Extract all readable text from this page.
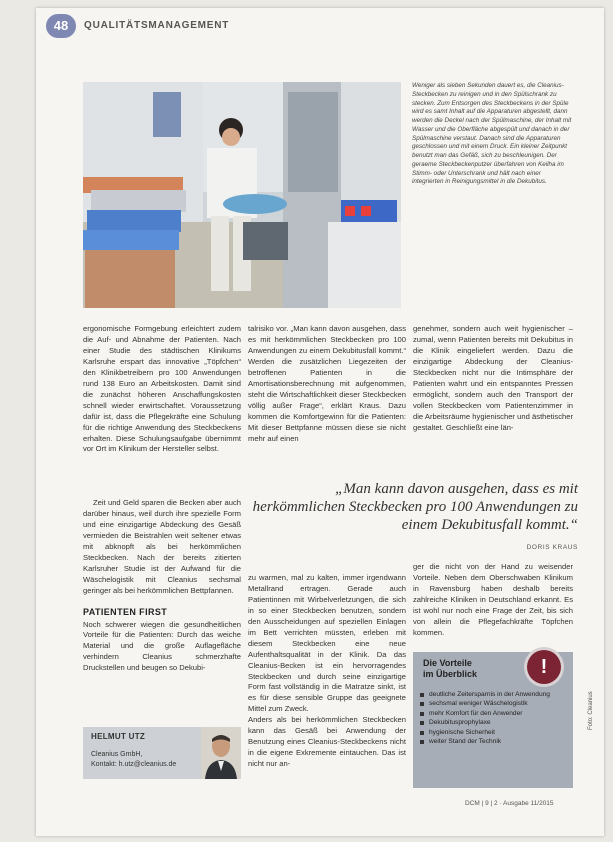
48	QUALITÄTSMANAGEMENT
Weniger als sieben Sekunden dauert es, die Cleanius-Steckbecken zu reinigen und in den Spülschrank zu stecken. Zum Entsorgen des Steckbeckens in der Spüle wird es samt Inhalt auf die Apparaturen abgestellt, dann werden die Deckel nach der Spülmaschine, der Inhalt mit Wasser und die Oberfläche abgespült und danach in der Spülmaschine verstaut. Danach sind die Apparaturen geschlossen und mit einem Druck. Ein kleiner Zeitpunkt benutzt man das Gefäß, sich zu beschleunigen. Der geraeme Steckbeckenputzer überfahren von Keilha im Stimm- oder Unterschrank und hält nach einer integrierten in Reinigungsmittel in die Dekubitus.

ergonomische Formgebung erleichtert zudem die Auf- und Abnahme der Patienten. Nach einer Studie des städtischen Klinikums Karlsruhe erspart das innovative „Töpfchen“ den Klinikbetreibern pro 100 Anwendungen rund 138 Euro an Arbeitskosten. Damit sind die zunächst höheren Anschaffungskosten schnell wieder erwirtschaftet. Voraussetzung dafür ist, dass die Pflegekräfte eine Schulung für die richtige Anwendung des Steckbeckens erhalten. Diese Schulungsaufgabe übernimmt vor Ort im Klinikum der Hersteller selbst.

Zeit und Geld sparen die Becken aber auch darüber hinaus, weil durch ihre spezielle Form und eine einzigartige Abdeckung des Gesäß vermieden die Beistrahlen weit seltener etwas mit abknopft als bei herkömmlichen Steckbecken. Nach der bereits zitierten Karlsruher Studie ist der Aufwand für die Wäschelogistik mit Cleanius sechsmal geringer als bei herkömmlichen Bettpfannen.

PATIENTEN FIRST

Noch schwerer wiegen die gesundheitlichen Vorteile für die Patienten: Durch das weiche Material und die große Auflagefläche verhindern Cleanius schmerzhafte Druckstellen und beugen so Dekubi-

talrisiko vor. „Man kann davon ausgehen, dass es mit herkömmlichen Steckbecken pro 100 Anwendungen zu einem Dekubitusfall kommt.“ Werden die zusätzlichen Liegezeiten der betroffenen Patienten in die Amortisationsberechnung mit aufgenommen, steht die Wirtschaftlichkeit dieser Steckbecken völlig außer Frage“, erklärt Kraus. Dazu kommen die Komfortgewinn für die Patienten: Mit dieser Bettpfanne müssen diese sie nicht mehr auf einen

zu warmen, mal zu kalten, immer irgendwann Metallrand ertragen. Gerade auch Patientinnen mit Wirbelverletzungen, die sich in so einer Steckbecken benutzen, sondern den Ausscheidungen auf speziellen Einlagen im Bett verrichten müssten, erleben mit diesem Steckbecken eine neue Aufenthaltsqualität in der Klinik. Da das Cleanius-Becken ist ein hervorragendes Steckbecken und durch seine einzigartige Form fast vollständig in die Matratze sinkt, ist es für diese sensible Gruppe das geeignete Mittel zum Zweck.
Anders als bei herkömmlichen Steckbecken kann das Gesäß bei Anwendung der Benutzung eines Cleanius-Steckbeckens nicht in die eigene Exkremente eintauchen. Das ist nicht nur an-

genehmer, sondern auch weit hygienischer – zumal, wenn Patienten bereits mit Dekubitus in die Klinik eingeliefert werden. Dazu die einzigartige Abdeckung der Cleanius-Steckbecken nicht nur die Intimsphäre der Patienten wahrt und ein entspanntes Pressen ermöglicht, sondern auch den Transport der vollen Steckbecken vom Patientenzimmer in die Arbeitsräume hygienischer und ästhetischer gestaltet. Geschließt eine län-

ger die nicht von der Hand zu weisender Vorteile. Neben dem Oberschwaben Klinikum in Ravensburg haben deshalb bereits zahlreiche Kliniken in Deutschland erkannt. Es ist wohl nur noch eine Frage der Zeit, bis sich von allein die Pflegefachkräfte Töpfchen kommen.

„Man kann davon ausgehen, dass es mit herkömmlichen Steckbecken pro 100 Anwendungen zu einem Dekubitusfall kommt.“
DORIS KRAUS
HELMUT UTZ
Cleanius GmbH,
Kontakt: h.utz@cleanius.de
Die Vorteile
im Überblick	!
deutliche Zeitersparnis in der Anwendung
sechsmal weniger Wäschelogistik
mehr Komfort für den Anwender
Dekubitusprophylaxe
hygienische Sicherheit
weiter Stand der Technik
DCM | 9 | 2 · Ausgabe 11/2015
Foto: Cleanius
